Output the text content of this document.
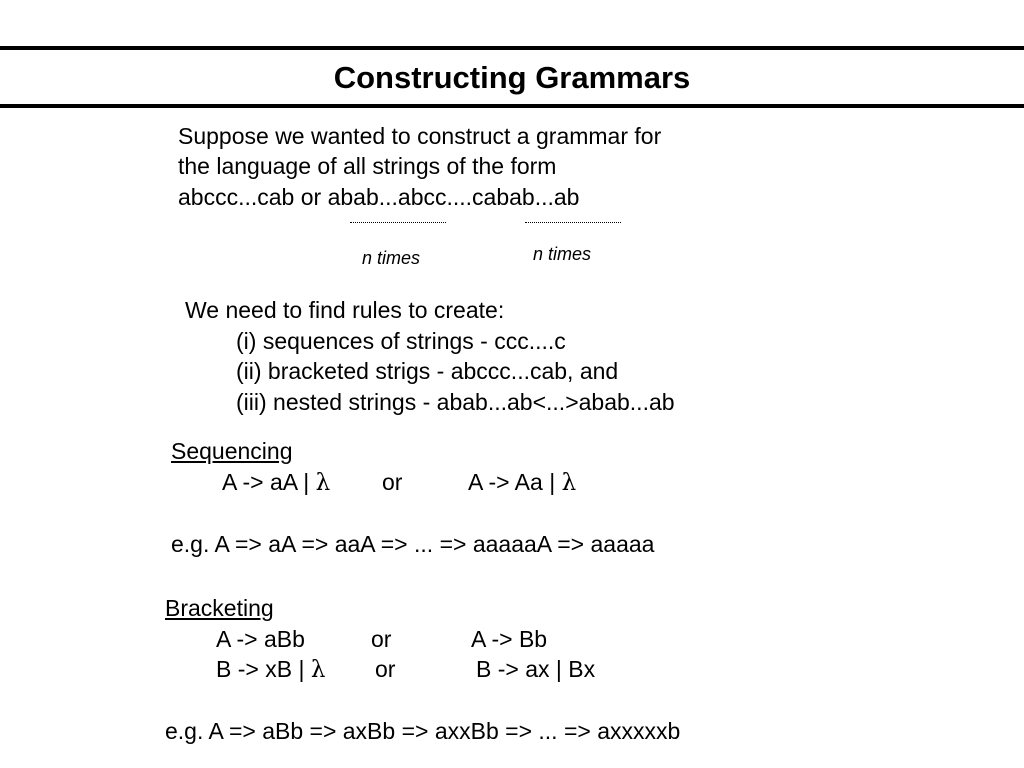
Constructing Grammars
Suppose we wanted to construct a grammar for
the language of all strings of the form
abccc...cab or abab...abcc....cabab...ab
n times	n times
We need to find rules to create:
(i) sequences of strings - ccc....c
(ii) bracketed strigs - abccc...cab, and
(iii) nested strings - abab...ab<...>abab...ab
Sequencing
A -> aA | λ or	A -> Aa | λ
e.g. A => aA => aaA => ... => aaaaaA => aaaaa
Bracketing
A -> aBb	or	A -> Bb
B -> xB | λ or	B -> ax | Bx
e.g. A => aBb => axBb => axxBb => ... => axxxxxb
